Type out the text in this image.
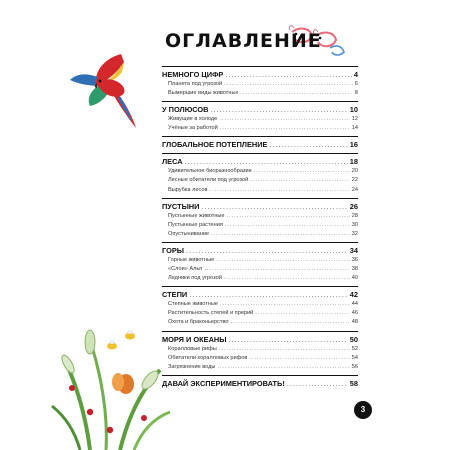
ОГЛАВЛЕНИЕ
НЕМНОГО ЦИФР .....	4
Планета под угрозой .....	6
Вымершие виды животных .....	8
У ПОЛЮСОВ .....	10
Живущие в холоде .....	12
Учёные за работой .....	14
ГЛОБАЛЬНОЕ ПОТЕПЛЕНИЕ .....	16
ЛЕСА .....	18
Удивительное биоразнообразие .....	20
Лесные обитатели под угрозой .....	22
Вырубка лесов .....	24
ПУСТЫНИ .....	26
Пустынные животные .....	28
Пустынные растения .....	30
Опустынивание .....	32
ГОРЫ .....	34
Горные животные .....	36
«Слои» Альп .....	38
Ледники под угрозой .....	40
СТЕПИ .....	42
Степные животные .....	44
Растительность степей и прерий .....	46
Охота и браконьерство .....	48
МОРЯ И ОКЕАНЫ .....	50
Коралловые рифы .....	52
Обитатели коралловых рифов .....	54
Загрязнение воды .....	56
ДАВАЙ ЭКСПЕРИМЕНТИРОВАТЬ! .....	58
3
